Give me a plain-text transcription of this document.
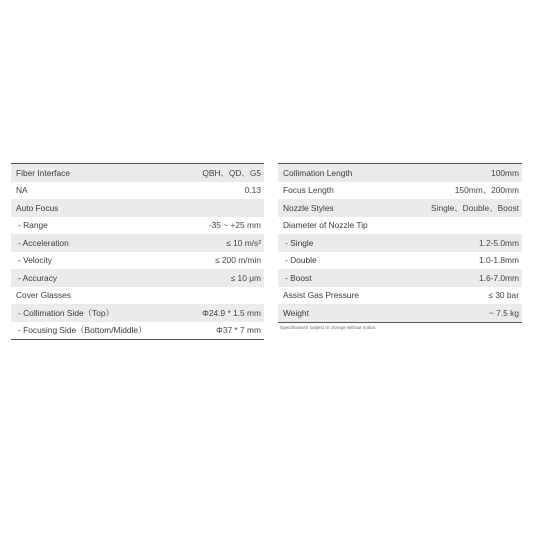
Fiber Interface	QBH、QD、G5
NA	0.13
Auto Focus
- Range	-35 ~ +25 mm
- Acceleration	≤ 10 m/s²
- Velocity	≤ 200 m/min
- Accuracy	≤ 10 μm
Cover Glasses
- Collimation Side（Top）	Φ24.9 * 1.5 mm
- Focusing Side（Bottom/Middle）	Φ37 * 7 mm
Collimation Length	100mm
Focus Length	150mm、200mm
Nozzle Styles	Single、Double、Boost
Diameter of Nozzle Tip
- Single	1.2-5.0mm
- Double	1.0-1.8mm
- Boost	1.6-7.0mm
Assist Gas Pressure	≤ 30 bar
Weight	~ 7.5 kg
Specifications subject to change without notice.
